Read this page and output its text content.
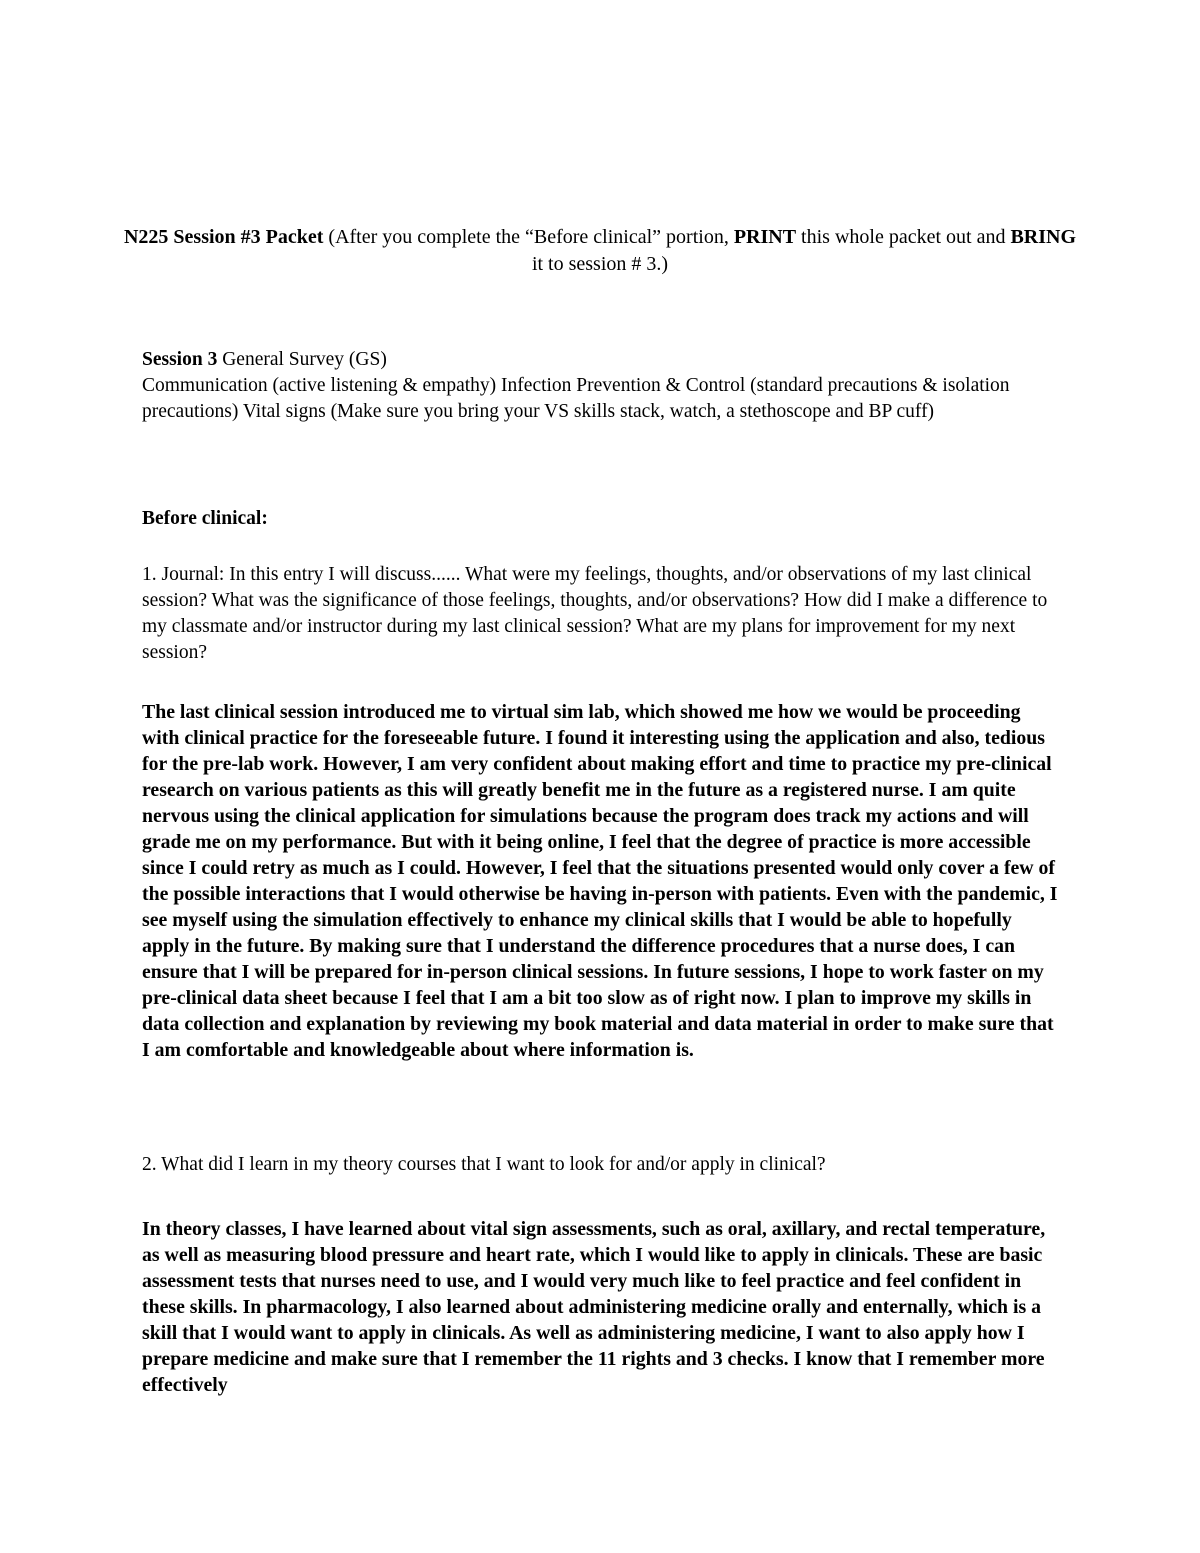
N225 Session #3 Packet (After you complete the “Before clinical” portion, PRINT this whole packet out and BRING it to session # 3.)

Session 3 General Survey (GS)

Communication (active listening & empathy) Infection Prevention & Control (standard precautions & isolation precautions) Vital signs (Make sure you bring your VS skills stack, watch, a stethoscope and BP cuff)

Before clinical:
1. Journal: In this entry I will discuss...... What were my feelings, thoughts, and/or observations of my last clinical session? What was the significance of those feelings, thoughts, and/or observations? How did I make a difference to my classmate and/or instructor during my last clinical session? What are my plans for improvement for my next session?
The last clinical session introduced me to virtual sim lab, which showed me how we would be proceeding with clinical practice for the foreseeable future. I found it interesting using the application and also, tedious for the pre-lab work. However, I am very confident about making effort and time to practice my pre-clinical research on various patients as this will greatly benefit me in the future as a registered nurse. I am quite nervous using the clinical application for simulations because the program does track my actions and will grade me on my performance. But with it being online, I feel that the degree of practice is more accessible since I could retry as much as I could. However, I feel that the situations presented would only cover a few of the possible interactions that I would otherwise be having in-person with patients. Even with the pandemic, I see myself using the simulation effectively to enhance my clinical skills that I would be able to hopefully apply in the future. By making sure that I understand the difference procedures that a nurse does, I can ensure that I will be prepared for in-person clinical sessions. In future sessions, I hope to work faster on my pre-clinical data sheet because I feel that I am a bit too slow as of right now. I plan to improve my skills in data collection and explanation by reviewing my book material and data material in order to make sure that I am comfortable and knowledgeable about where information is.
2. What did I learn in my theory courses that I want to look for and/or apply in clinical?
In theory classes, I have learned about vital sign assessments, such as oral, axillary, and rectal temperature, as well as measuring blood pressure and heart rate, which I would like to apply in clinicals. These are basic assessment tests that nurses need to use, and I would very much like to feel practice and feel confident in these skills. In pharmacology, I also learned about administering medicine orally and enternally, which is a skill that I would want to apply in clinicals. As well as administering medicine, I want to also apply how I prepare medicine and make sure that I remember the 11 rights and 3 checks. I know that I remember more effectively
